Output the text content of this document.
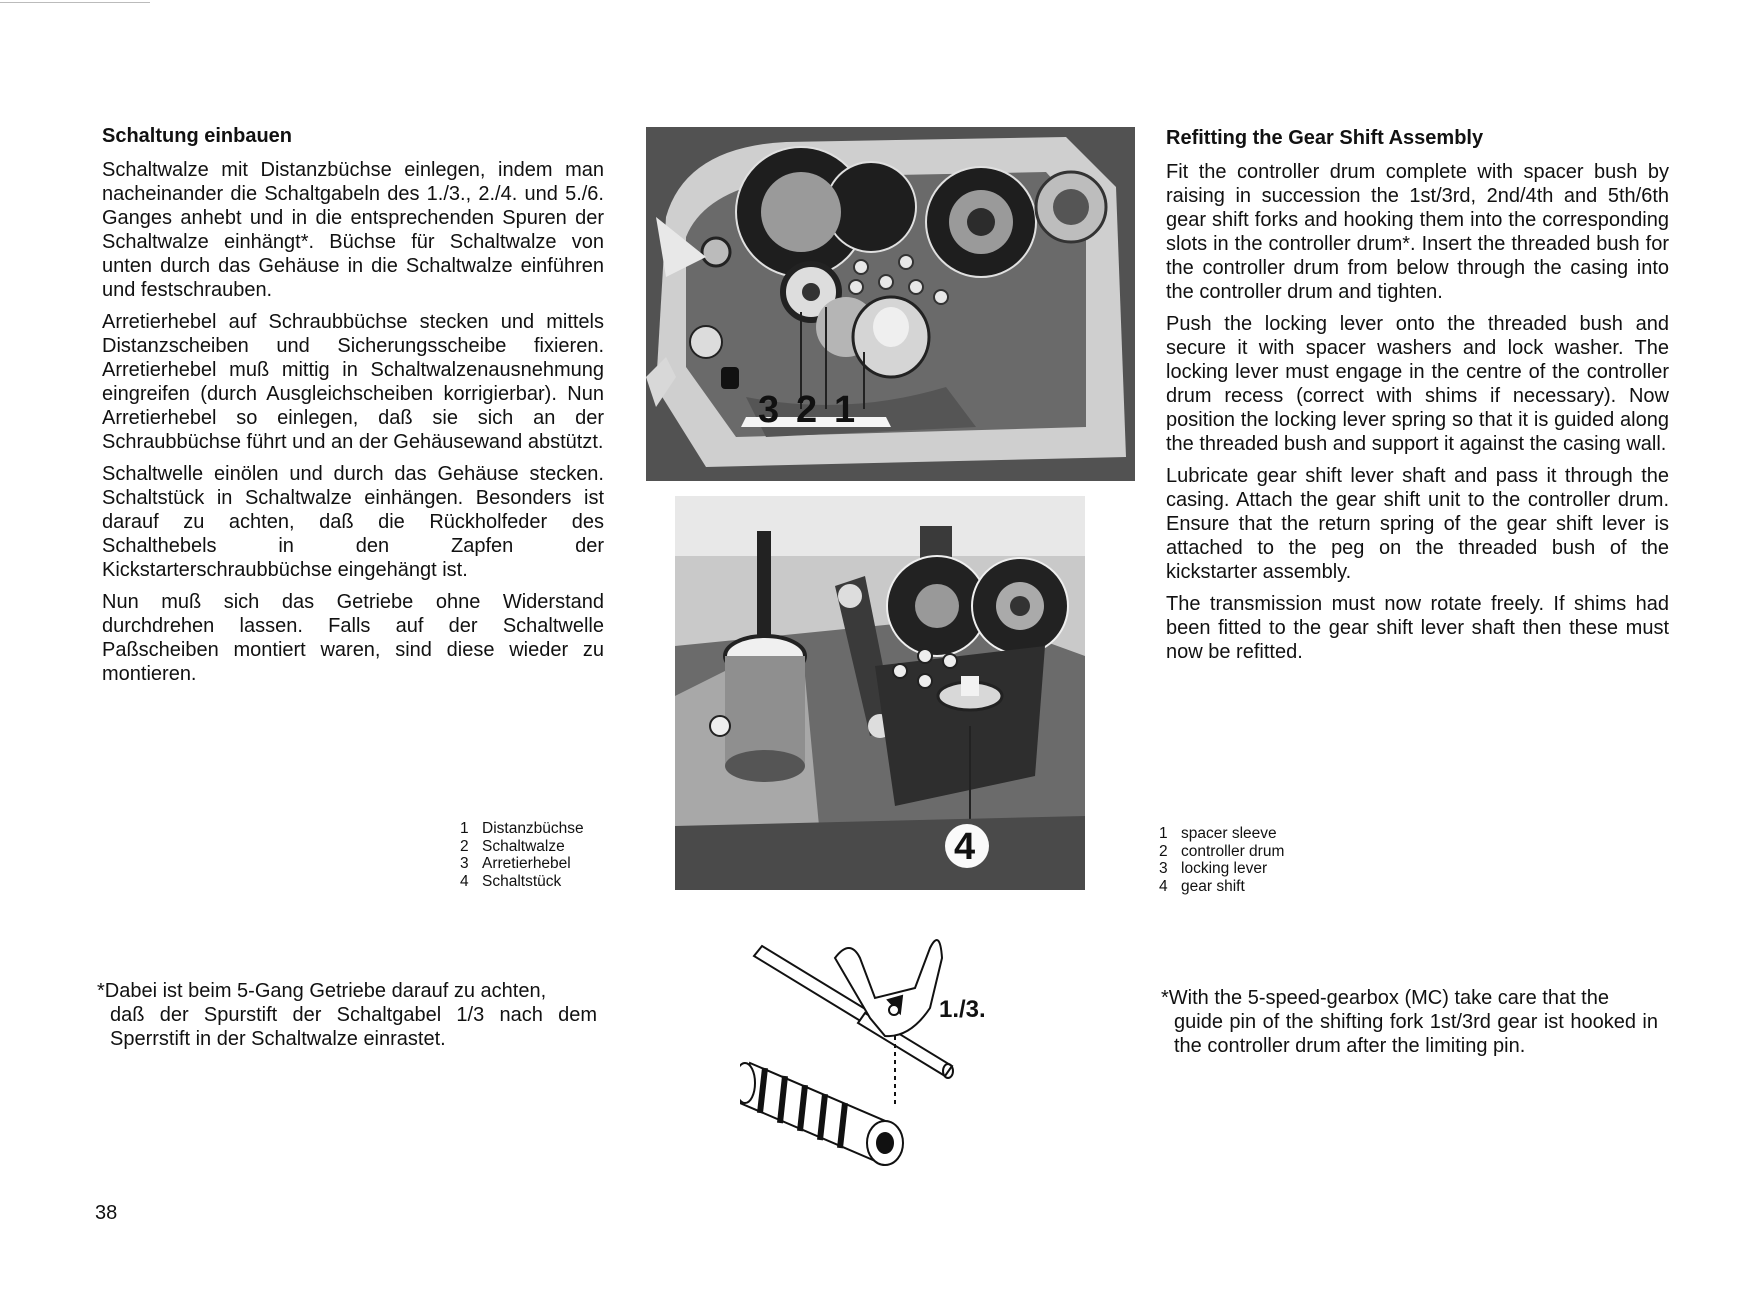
Schaltung einbauen

Schaltwalze mit Distanzbüchse einlegen, indem man nacheinander die Schaltgabeln des 1./3., 2./4. und 5./6. Ganges anhebt und in die entsprechenden Spuren der Schaltwalze einhängt*. Büchse für Schaltwalze von unten durch das Gehäuse in die Schaltwalze einführen und festschrauben.

Arretierhebel auf Schraubbüchse stecken und mittels Distanzscheiben und Sicherungsscheibe fixieren. Arretierhebel muß mittig in Schaltwalzenausnehmung eingreifen (durch Ausgleichscheiben korrigierbar). Nun Arretierhebel so einlegen, daß sie sich an der Schraubbüchse führt und an der Gehäusewand abstützt.

Schaltwelle einölen und durch das Gehäuse stecken. Schaltstück in Schaltwalze einhängen. Besonders ist darauf zu achten, daß die Rückholfeder des Schalthebels in den Zapfen der Kickstarterschraubbüchse eingehängt ist.

Nun muß sich das Getriebe ohne Widerstand durchdrehen lassen. Falls auf der Schaltwelle Paßscheiben montiert waren, sind diese wieder zu montieren.

1 Distanzbüchse
2 Schaltwalze
3 Arretierhebel
4 Schaltstück
*Dabei ist beim 5-Gang Getriebe darauf zu achten,
daß der Spurstift der Schaltgabel 1/3 nach dem Sperrstift in der Schaltwalze einrastet.
Refitting the Gear Shift Assembly

Fit the controller drum complete with spacer bush by raising in succession the 1st/3rd, 2nd/4th and 5th/6th gear shift forks and hooking them into the corresponding slots in the controller drum*. Insert the threaded bush for the controller drum from below through the casing into the controller drum and tighten.

Push the locking lever onto the threaded bush and secure it with spacer washers and lock washer. The locking lever must engage in the centre of the controller drum recess (correct with shims if necessary). Now position the locking lever spring so that it is guided along the threaded bush and support it against the casing wall.

Lubricate gear shift lever shaft and pass it through the casing. Attach the gear shift unit to the controller drum. Ensure that the return spring of the gear shift lever is attached to the peg on the threaded bush of the kickstarter assembly.

The transmission must now rotate freely. If shims had been fitted to the gear shift lever shaft then these must now be refitted.

1 spacer sleeve
2 controller drum
3 locking lever
4 gear shift
*With the 5-speed-gearbox (MC) take care that the
guide pin of the shifting fork 1st/3rd gear ist hooked in the controller drum after the limiting pin.
3 2 1
4
1./3.
38
